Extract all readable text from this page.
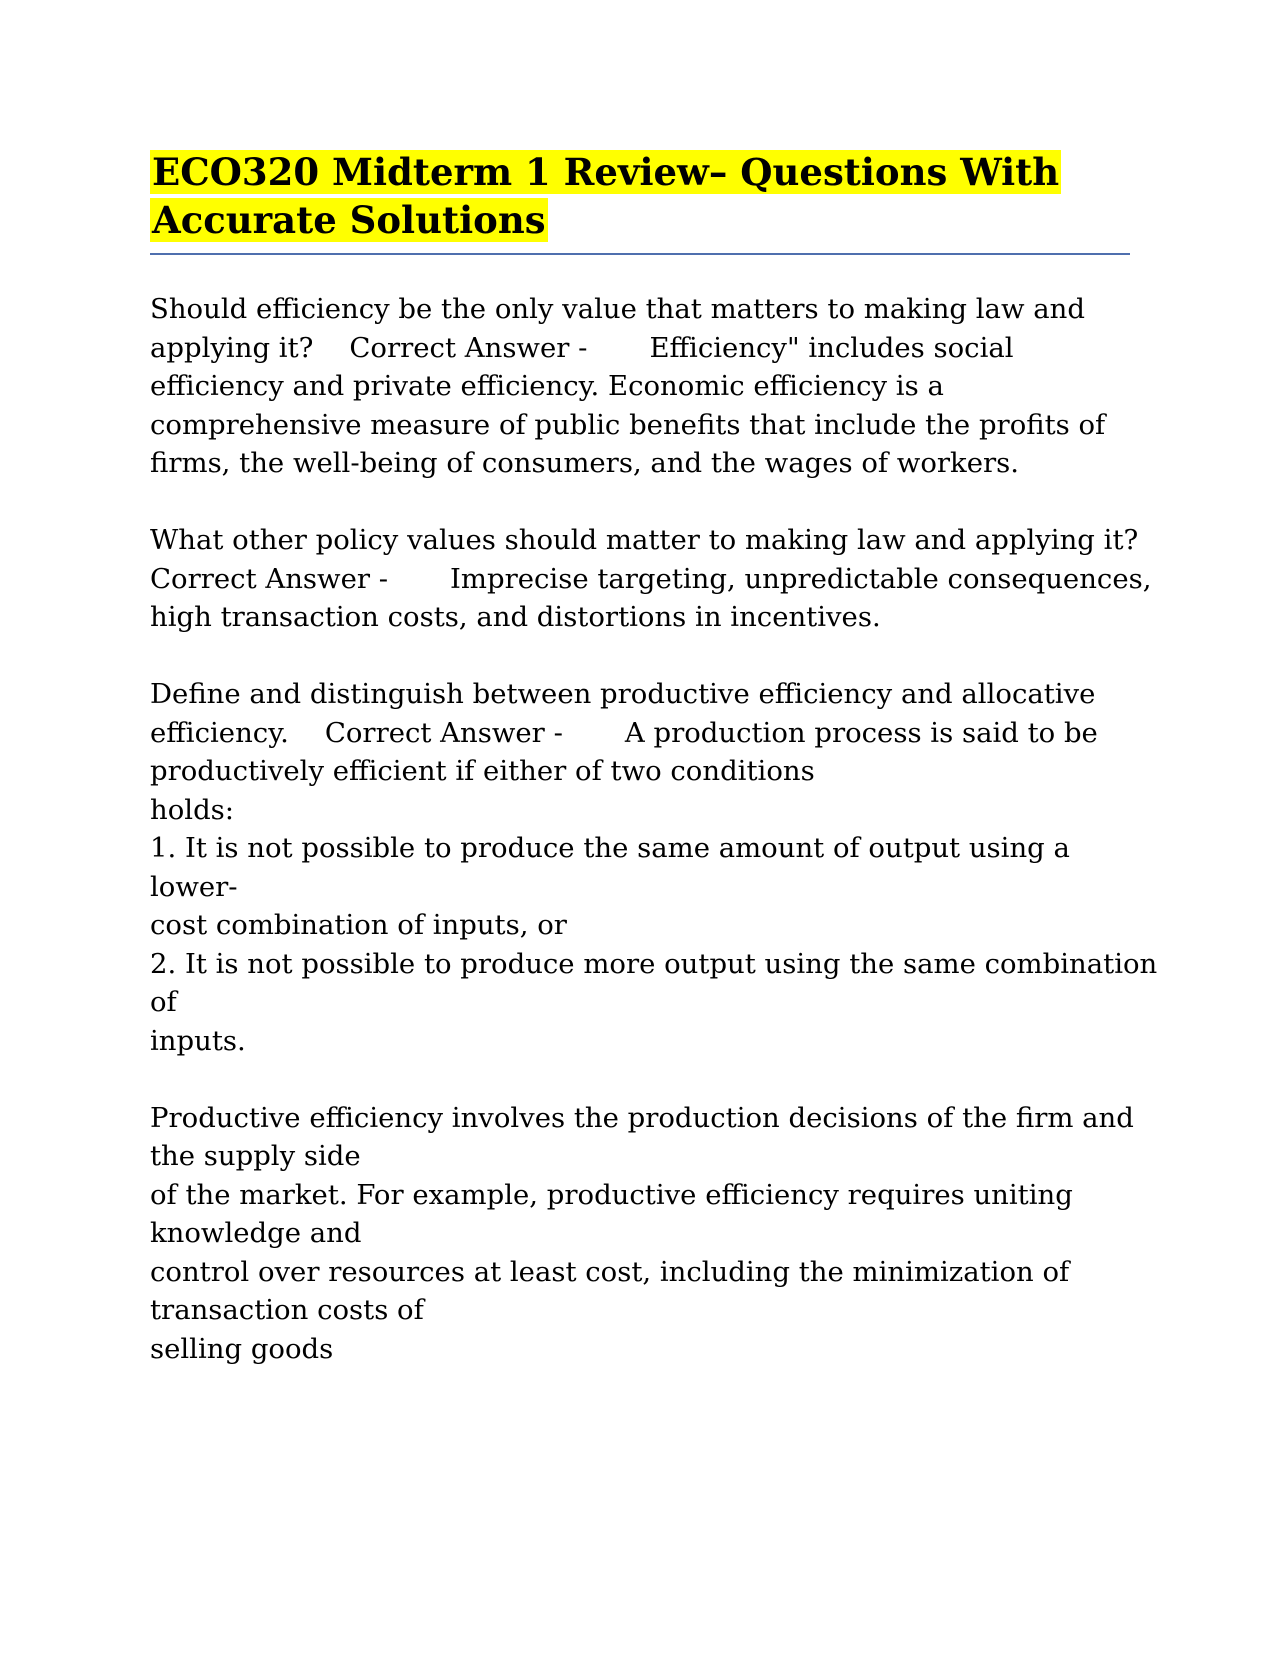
ECO320 Midterm 1 Review– Questions With
Accurate Solutions
Should efficiency be the only value that matters to making law and
applying it? Correct Answer - Efficiency" includes social
efficiency and private efficiency. Economic efficiency is a
comprehensive measure of public benefits that include the profits of
firms, the well-being of consumers, and the wages of workers.
What other policy values should matter to making law and applying it?
Correct Answer - Imprecise targeting, unpredictable consequences,
high transaction costs, and distortions in incentives.
Define and distinguish between productive efficiency and allocative
efficiency. Correct Answer - A production process is said to be
productively efficient if either of two conditions
holds:
1. It is not possible to produce the same amount of output using a
lower-
cost combination of inputs, or
2. It is not possible to produce more output using the same combination
of
inputs.
Productive efficiency involves the production decisions of the firm and
the supply side
of the market. For example, productive efficiency requires uniting
knowledge and
control over resources at least cost, including the minimization of
transaction costs of
selling goods
